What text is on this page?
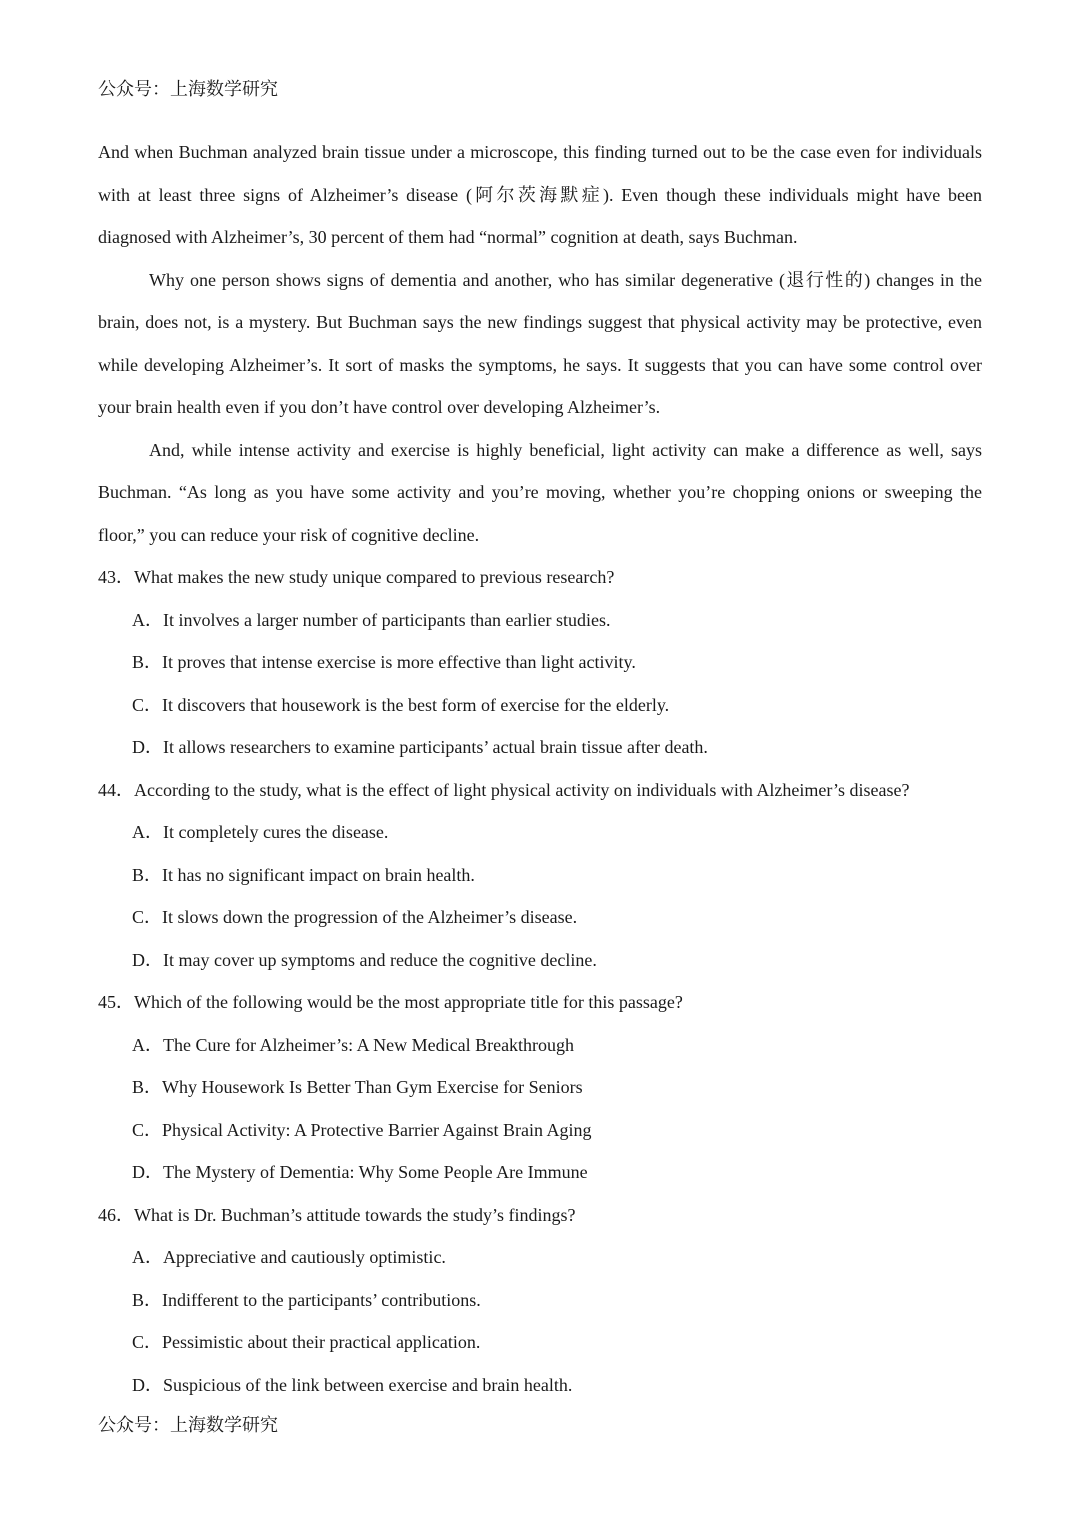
公众号：上海数学研究

And when Buchman analyzed brain tissue under a microscope, this finding turned out to be the case even for individuals with at least three signs of Alzheimer’s disease (阿尔茨海默症). Even though these individuals might have been diagnosed with Alzheimer’s, 30 percent of them had “normal” cognition at death, says Buchman.

Why one person shows signs of dementia and another, who has similar degenerative (退行性的) changes in the brain, does not, is a mystery. But Buchman says the new findings suggest that physical activity may be protective, even while developing Alzheimer’s. It sort of masks the symptoms, he says. It suggests that you can have some control over your brain health even if you don’t have control over developing Alzheimer’s.

And, while intense activity and exercise is highly beneficial, light activity can make a difference as well, says Buchman. “As long as you have some activity and you’re moving, whether you’re chopping onions or sweeping the floor,” you can reduce your risk of cognitive decline.

43．What makes the new study unique compared to previous research?

A．It involves a larger number of participants than earlier studies.

B．It proves that intense exercise is more effective than light activity.

C．It discovers that housework is the best form of exercise for the elderly.

D．It allows researchers to examine participants’ actual brain tissue after death.

44．According to the study, what is the effect of light physical activity on individuals with Alzheimer’s disease?

A．It completely cures the disease.

B．It has no significant impact on brain health.

C．It slows down the progression of the Alzheimer’s disease.

D．It may cover up symptoms and reduce the cognitive decline.

45．Which of the following would be the most appropriate title for this passage?

A．The Cure for Alzheimer’s: A New Medical Breakthrough

B．Why Housework Is Better Than Gym Exercise for Seniors

C．Physical Activity: A Protective Barrier Against Brain Aging

D．The Mystery of Dementia: Why Some People Are Immune

46．What is Dr. Buchman’s attitude towards the study’s findings?

A．Appreciative and cautiously optimistic.

B．Indifferent to the participants’ contributions.

C．Pessimistic about their practical application.

D．Suspicious of the link between exercise and brain health.

公众号：上海数学研究
